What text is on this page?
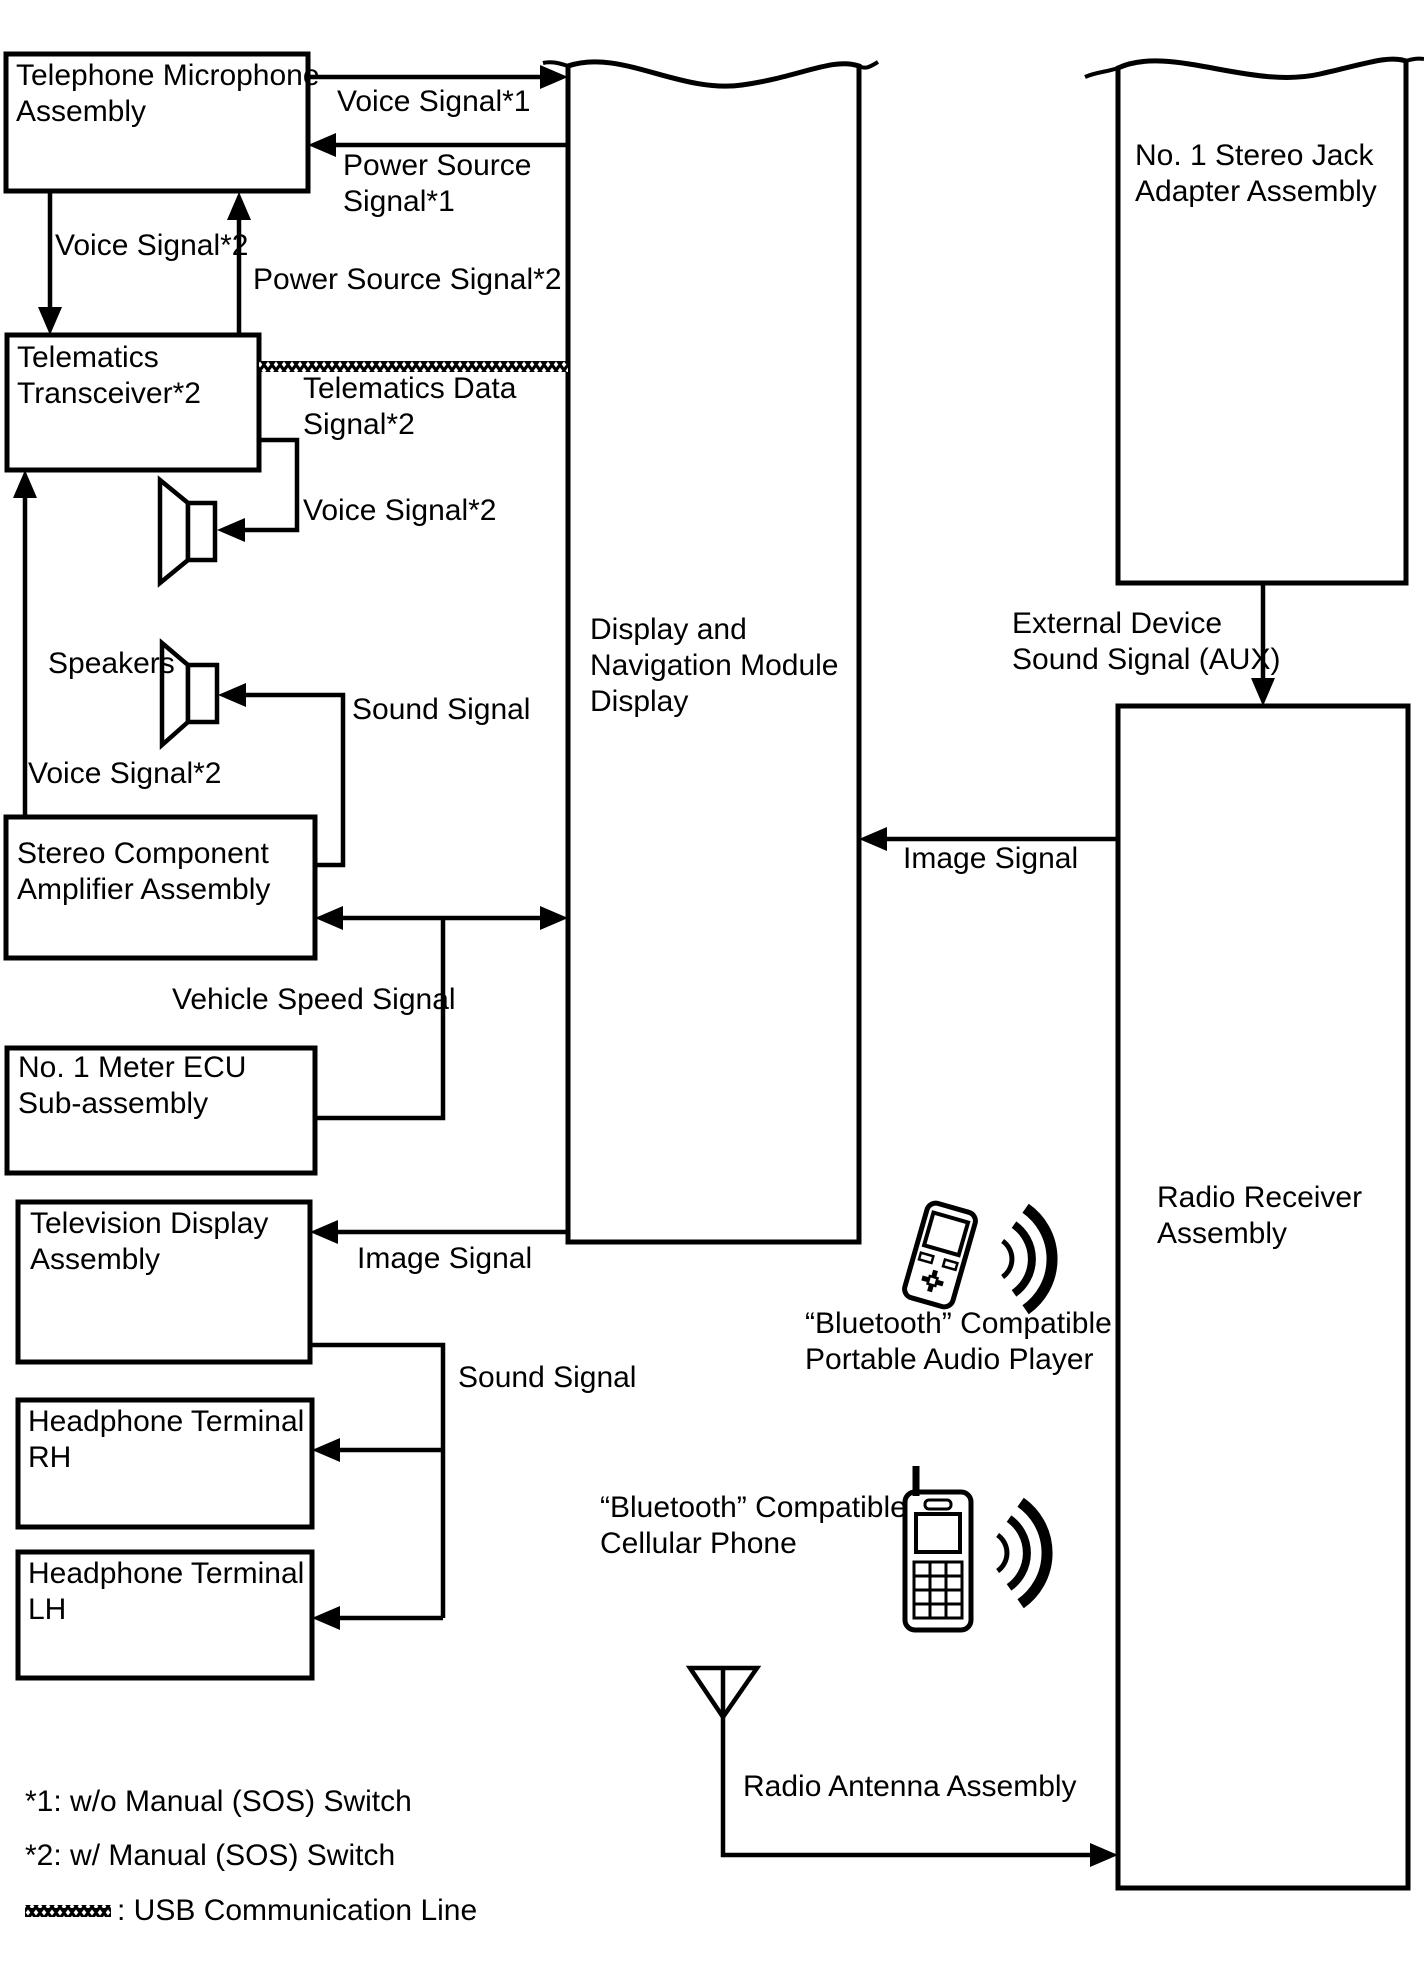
Telephone Microphone
Assembly
Telematics
Transceiver*2
Stereo Component
Amplifier Assembly
No. 1 Meter ECU
Sub-assembly
Television Display
Assembly
Headphone Terminal
RH
Headphone Terminal
LH
Display and
Navigation Module
Display
No. 1 Stereo Jack
Adapter Assembly
Radio Receiver
Assembly
Voice Signal*1
Power Source
Signal*1
Voice Signal*2
Power Source Signal*2
Telematics Data
Signal*2
Voice Signal*2
Speakers
Sound Signal
Voice Signal*2
Vehicle Speed Signal
Image Signal
Sound Signal
External Device
Sound Signal (AUX)
Image Signal
“Bluetooth” Compatible
Portable Audio Player
“Bluetooth” Compatible
Cellular Phone
Radio Antenna Assembly
*1: w/o Manual (SOS) Switch
*2: w/ Manual (SOS) Switch
: USB Communication Line
